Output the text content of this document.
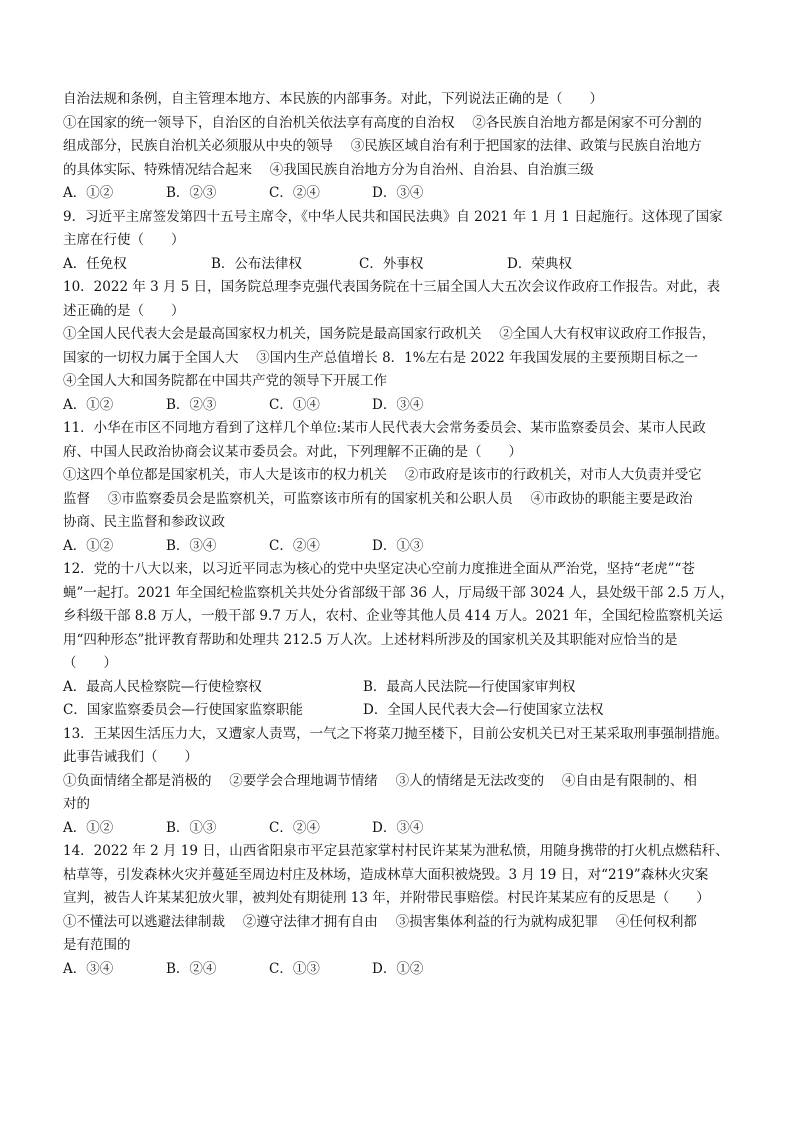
自治法规和条例，自主管理本地方、本民族的内部事务。对此，下列说法正确的是（　　）
①在国家的统一领导下，自治区的自治机关依法享有高度的自治权　 ②各民族自治地方都是闲家不可分割的
组成部分，民族自治机关必须服从中央的领导　 ③民族区域自治有利于把国家的法律、政策与民族自治地方
的具体实际、特殊情况结合起来　 ④我国民族自治地方分为自治州、自治县、自治旗三级
A．①②	B．②③	C．②④	D．③④
9．习近平主席签发第四十五号主席令，《中华人民共和国民法典》自 2021 年 1 月 1 日起施行。这体现了国家
主席在行使（　　）
A．任免权	B．公布法律权	C．外事权	D．荣典权
10．2022 年 3 月 5 日，国务院总理李克强代表国务院在十三届全国人大五次会议作政府工作报告。对此，表
述正确的是（　　）
①全国人民代表大会是最高国家权力机关，国务院是最高国家行政机关　 ②全国人大有权审议政府工作报告，
国家的一切权力属于全国人大　 ③国内生产总值增长 8．1%左右是 2022 年我国发展的主要预期目标之一
④全国人大和国务院都在中国共产党的领导下开展工作
A．①②	B．②③	C．①④	D．③④
11．小华在市区不同地方看到了这样几个单位:某市人民代表大会常务委员会、某市监察委员会、某市人民政
府、中国人民政治协商会议某市委员会。对此，下列理解不正确的是（　　）
①这四个单位都是国家机关，市人大是该市的权力机关　 ②市政府是该市的行政机关，对市人大负责并受它
监督　 ③市监察委员会是监察机关，可监察该市所有的国家机关和公职人员　 ④市政协的职能主要是政治
协商、民主监督和参政议政
A．①②	B．③④	C．②④	D．①③
12．党的十八大以来，以习近平同志为核心的党中央坚定决心空前力度推进全面从严治党，坚持“老虎”“苍
蝇”一起打。2021 年全国纪检监察机关共处分省部级干部 36 人，厅局级干部 3024 人，县处级干部 2.5 万人，
乡科级干部 8.8 万人，一般干部 9.7 万人，农村、企业等其他人员 414 万人。2021 年，全国纪检监察机关运
用“四种形态”批评教育帮助和处理共 212.5 万人次。上述材料所涉及的国家机关及其职能对应恰当的是
（　　）
A．最高人民检察院—行使检察权	B．最高人民法院—行使国家审判权
C．国家监察委员会—行使国家监察职能	D．全国人民代表大会—行使国家立法权
13．王某因生活压力大，又遭家人责骂，一气之下将菜刀抛至楼下，目前公安机关已对王某采取刑事强制措施。
此事告诫我们（　　）
①负面情绪全都是消极的　 ②要学会合理地调节情绪　 ③人的情绪是无法改变的　 ④自由是有限制的、相
对的
A．①②	B．①③	C．②④	D．③④
14．2022 年 2 月 19 日，山西省阳泉市平定县范家掌村村民许某某为泄私愤，用随身携带的打火机点燃秸秆、
枯草等，引发森林火灾并蔓延至周边村庄及林场，造成林草大面积被烧毁。3 月 19 日，对“219”森林火灾案
宣判，被告人许某某犯放火罪，被判处有期徒刑 13 年，并附带民事赔偿。村民许某某应有的反思是（　　）
①不懂法可以逃避法律制裁　 ②遵守法律才拥有自由　 ③损害集体利益的行为就构成犯罪　 ④任何权利都
是有范围的
A．③④	B．②④	C．①③	D．①②
